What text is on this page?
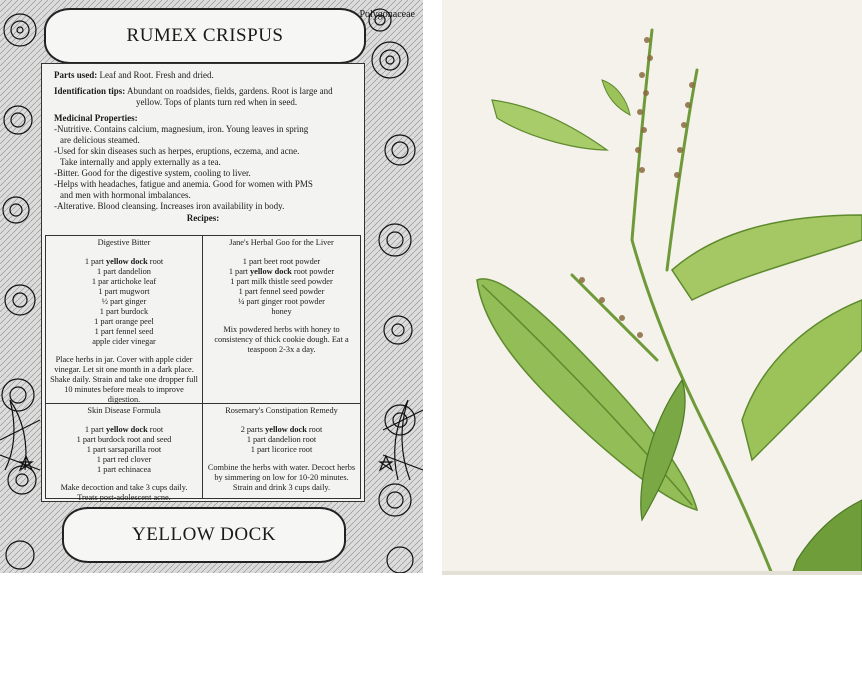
Polygonaceae
RUMEX CRISPUS

Parts used: Leaf and Root. Fresh and dried.

Identification tips: Abundant on roadsides, fields, gardens. Root is large and yellow. Tops of plants turn red when in seed.

Medicinal Properties:
-Nutritive. Contains calcium, magnesium, iron. Young leaves in spring
are delicious steamed.
-Used for skin diseases such as herpes, eruptions, eczema, and acne.
Take internally and apply externally as a tea.
-Bitter. Good for the digestive system, cooling to liver.
-Helps with headaches, fatigue and anemia. Good for women with PMS
and men with hormonal imbalances.
-Alterative. Blood cleansing. Increases iron availability in body.
Recipes:
Digestive Bitter
1 part yellow dock root
1 part dandelion
1 par artichoke leaf
1 part mugwort
½ part ginger
1 part burdock
1 part orange peel
1 part fennel seed
apple cider vinegar
Place herbs in jar. Cover with apple cider vinegar. Let sit one month in a dark place. Shake daily. Strain and take one dropper full 10 minutes before meals to improve digestion.
Jane's Herbal Goo for the Liver
1 part beet root powder
1 part yellow dock root powder
1 part milk thistle seed powder
1 part fennel seed powder
¼ part ginger root powder
honey
Mix powdered herbs with honey to consistency of thick cookie dough. Eat a teaspoon 2-3x a day.
Skin Disease Formula
1 part yellow dock root
1 part burdock root and seed
1 part sarsaparilla root
1 part red clover
1 part echinacea
Make decoction and take 3 cups daily. Treats post-adolescent acne.
Rosemary's Constipation Remedy
2 parts yellow dock root
1 part dandelion root
1 part licorice root
Combine the herbs with water. Decoct herbs by simmering on low for 10-20 minutes. Strain and drink 3 cups daily.
YELLOW DOCK
